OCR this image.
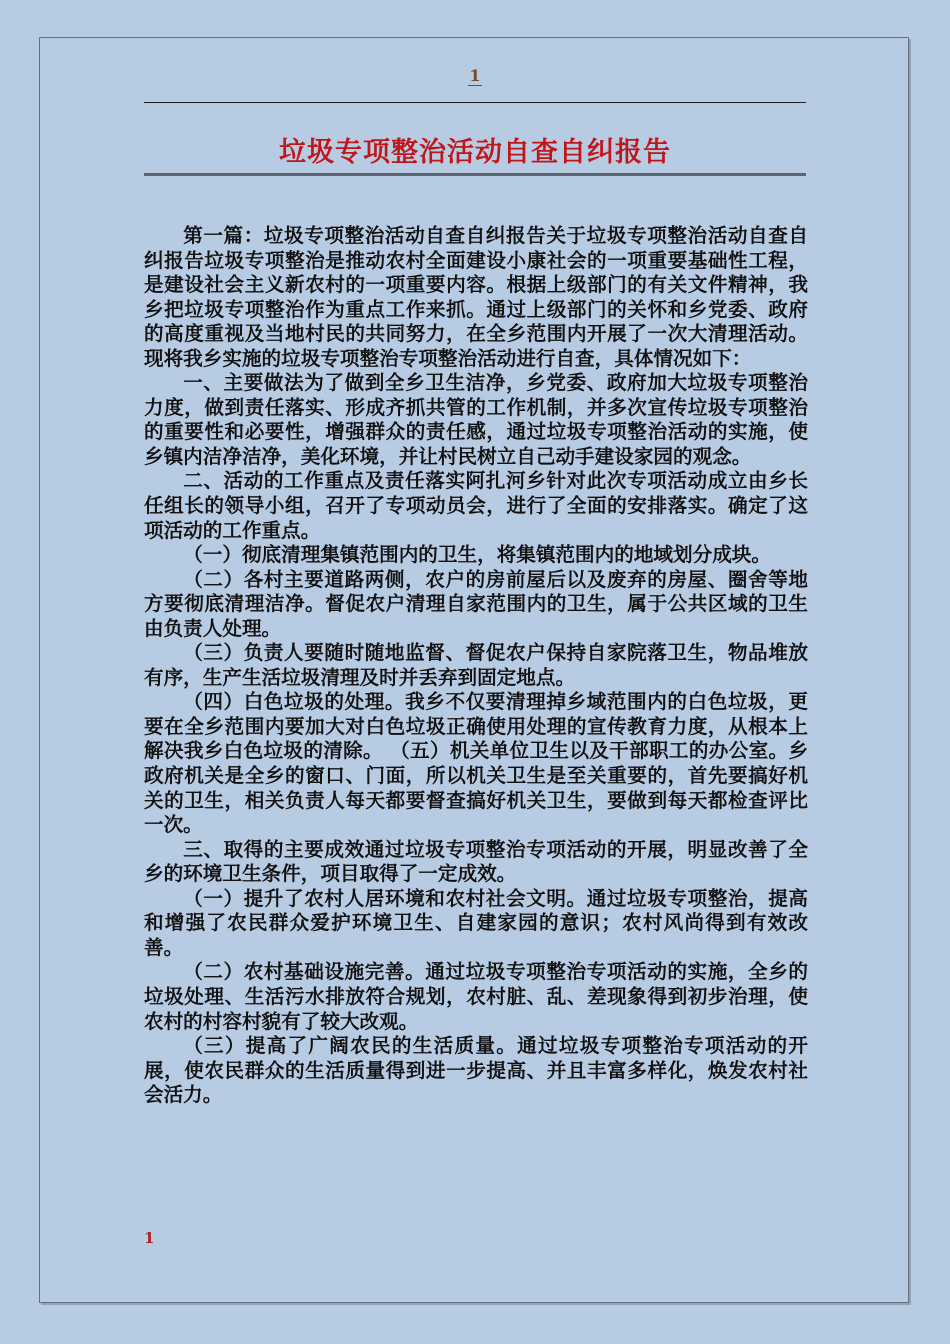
1
垃圾专项整治活动自查自纠报告

第一篇：垃圾专项整治活动自查自纠报告关于垃圾专项整治活动自查自纠报告垃圾专项整治是推动农村全面建设小康社会的一项重要基础性工程，是建设社会主义新农村的一项重要内容。根据上级部门的有关文件精神，我乡把垃圾专项整治作为重点工作来抓。通过上级部门的关怀和乡党委、政府的高度重视及当地村民的共同努力，在全乡范围内开展了一次大清理活动。现将我乡实施的垃圾专项整治专项整治活动进行自查，具体情况如下：

一、主要做法为了做到全乡卫生洁净，乡党委、政府加大垃圾专项整治力度，做到责任落实、形成齐抓共管的工作机制，并多次宣传垃圾专项整治的重要性和必要性，增强群众的责任感，通过垃圾专项整治活动的实施，使乡镇内洁净洁净，美化环境，并让村民树立自己动手建设家园的观念。

二、活动的工作重点及责任落实阿扎河乡针对此次专项活动成立由乡长任组长的领导小组，召开了专项动员会，进行了全面的安排落实。确定了这项活动的工作重点。

（一）彻底清理集镇范围内的卫生，将集镇范围内的地域划分成块。

（二）各村主要道路两侧，农户的房前屋后以及废弃的房屋、圈舍等地方要彻底清理洁净。督促农户清理自家范围内的卫生，属于公共区域的卫生由负责人处理。

（三）负责人要随时随地监督、督促农户保持自家院落卫生，物品堆放有序，生产生活垃圾清理及时并丢弃到固定地点。

（四）白色垃圾的处理。我乡不仅要清理掉乡域范围内的白色垃圾，更要在全乡范围内要加大对白色垃圾正确使用处理的宣传教育力度，从根本上解决我乡白色垃圾的清除。 （五）机关单位卫生以及干部职工的办公室。乡政府机关是全乡的窗口、门面，所以机关卫生是至关重要的，首先要搞好机关的卫生，相关负责人每天都要督查搞好机关卫生，要做到每天都检查评比一次。

三、取得的主要成效通过垃圾专项整治专项活动的开展，明显改善了全乡的环境卫生条件，项目取得了一定成效。

（一）提升了农村人居环境和农村社会文明。通过垃圾专项整治，提高和增强了农民群众爱护环境卫生、自建家园的意识；农村风尚得到有效改善。

（二）农村基础设施完善。通过垃圾专项整治专项活动的实施，全乡的垃圾处理、生活污水排放符合规划，农村脏、乱、差现象得到初步治理，使农村的村容村貌有了较大改观。

（三）提高了广阔农民的生活质量。通过垃圾专项整治专项活动的开展，使农民群众的生活质量得到进一步提高、并且丰富多样化，焕发农村社会活力。

1
